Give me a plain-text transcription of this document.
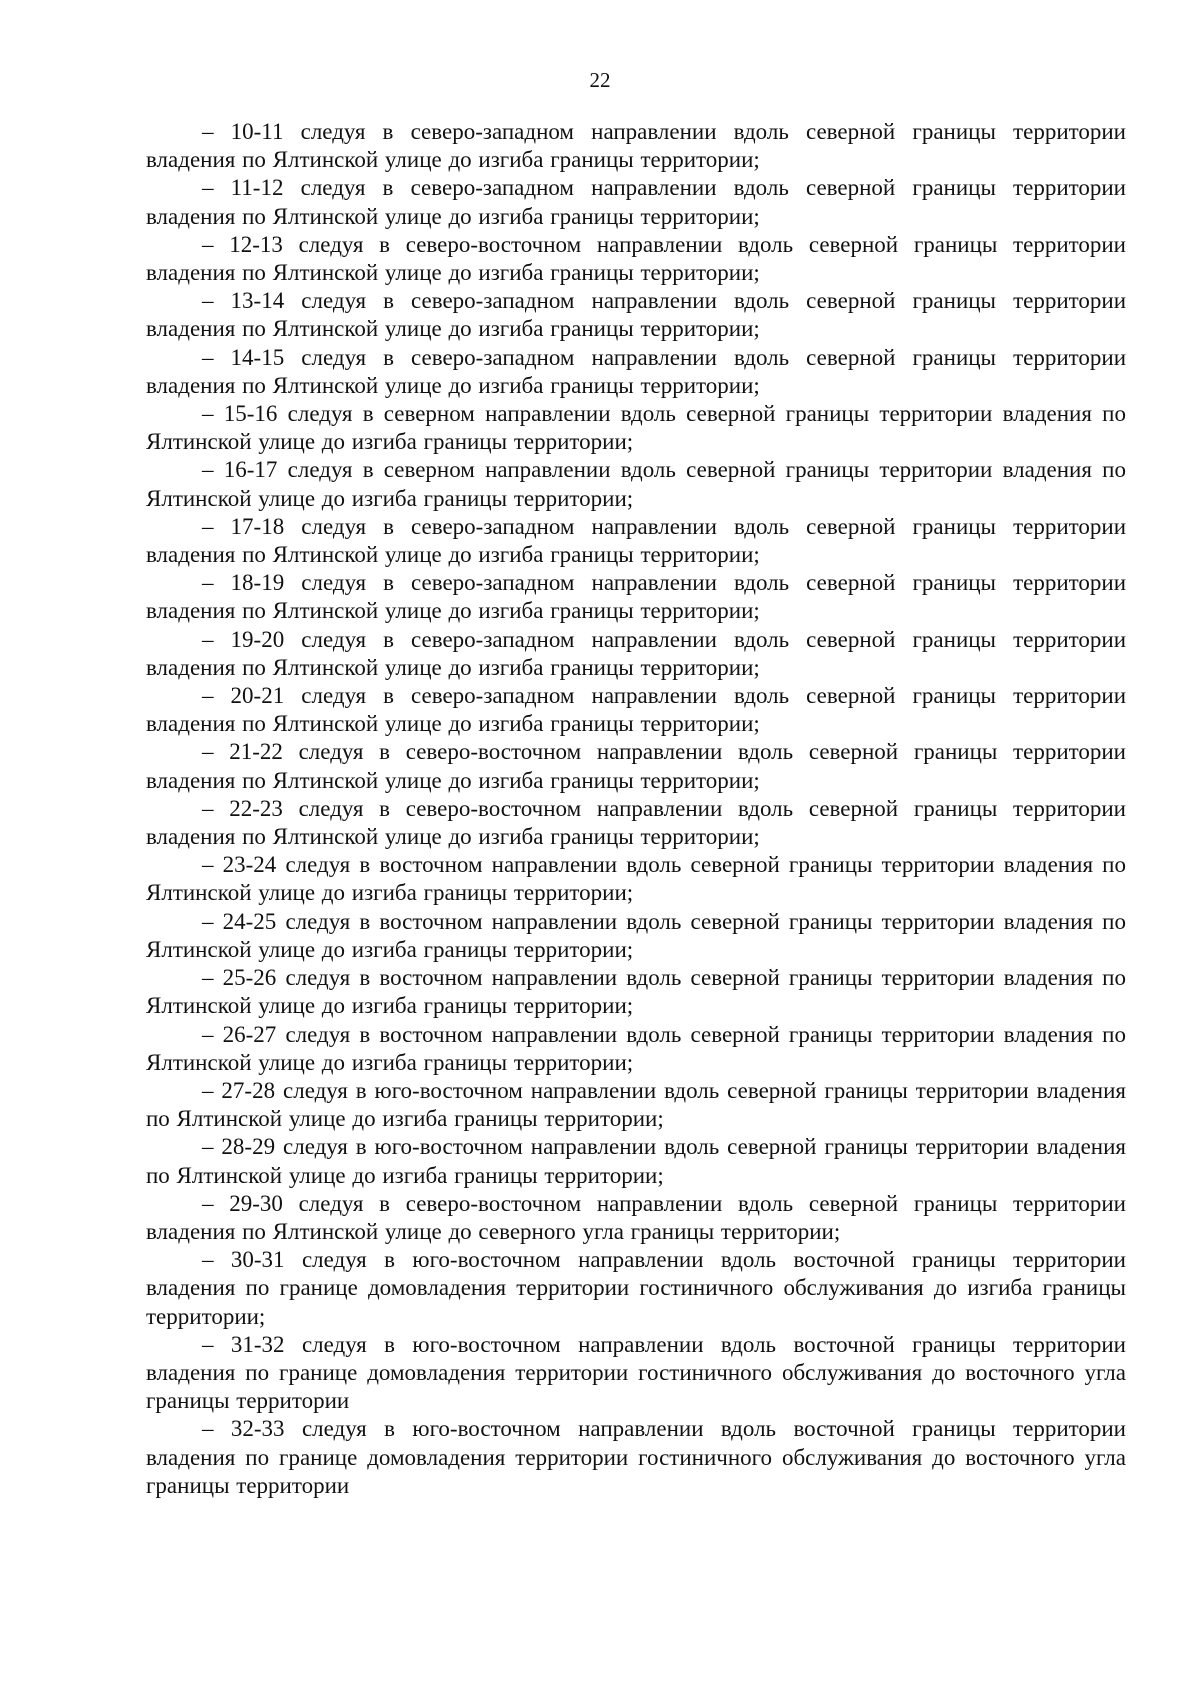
22

– 10-11 следуя в северо-западном направлении вдоль северной границы территории владения по Ялтинской улице до изгиба границы территории;

– 11-12 следуя в северо-западном направлении вдоль северной границы территории владения по Ялтинской улице до изгиба границы территории;

– 12-13 следуя в северо-восточном направлении вдоль северной границы территории владения по Ялтинской улице до изгиба границы территории;

– 13-14 следуя в северо-западном направлении вдоль северной границы территории владения по Ялтинской улице до изгиба границы территории;

– 14-15 следуя в северо-западном направлении вдоль северной границы территории владения по Ялтинской улице до изгиба границы территории;

– 15-16 следуя в северном направлении вдоль северной границы территории владения по Ялтинской улице до изгиба границы территории;

– 16-17 следуя в северном направлении вдоль северной границы территории владения по Ялтинской улице до изгиба границы территории;

– 17-18 следуя в северо-западном направлении вдоль северной границы территории владения по Ялтинской улице до изгиба границы территории;

– 18-19 следуя в северо-западном направлении вдоль северной границы территории владения по Ялтинской улице до изгиба границы территории;

– 19-20 следуя в северо-западном направлении вдоль северной границы территории владения по Ялтинской улице до изгиба границы территории;

– 20-21 следуя в северо-западном направлении вдоль северной границы территории владения по Ялтинской улице до изгиба границы территории;

– 21-22 следуя в северо-восточном направлении вдоль северной границы территории владения по Ялтинской улице до изгиба границы территории;

– 22-23 следуя в северо-восточном направлении вдоль северной границы территории владения по Ялтинской улице до изгиба границы территории;

– 23-24 следуя в восточном направлении вдоль северной границы территории владения по Ялтинской улице до изгиба границы территории;

– 24-25 следуя в восточном направлении вдоль северной границы территории владения по Ялтинской улице до изгиба границы территории;

– 25-26 следуя в восточном направлении вдоль северной границы территории владения по Ялтинской улице до изгиба границы территории;

– 26-27 следуя в восточном направлении вдоль северной границы территории владения по Ялтинской улице до изгиба границы территории;

– 27-28 следуя в юго-восточном направлении вдоль северной границы территории владения по Ялтинской улице до изгиба границы территории;

– 28-29 следуя в юго-восточном направлении вдоль северной границы территории владения по Ялтинской улице до изгиба границы территории;

– 29-30 следуя в северо-восточном направлении вдоль северной границы территории владения по Ялтинской улице до северного угла границы территории;

– 30-31 следуя в юго-восточном направлении вдоль восточной границы территории владения по границе домовладения территории гостиничного обслуживания до изгиба границы территории;

– 31-32 следуя в юго-восточном направлении вдоль восточной границы территории владения по границе домовладения территории гостиничного обслуживания до восточного угла границы территории

– 32-33 следуя в юго-восточном направлении вдоль восточной границы территории владения по границе домовладения территории гостиничного обслуживания до восточного угла границы территории
